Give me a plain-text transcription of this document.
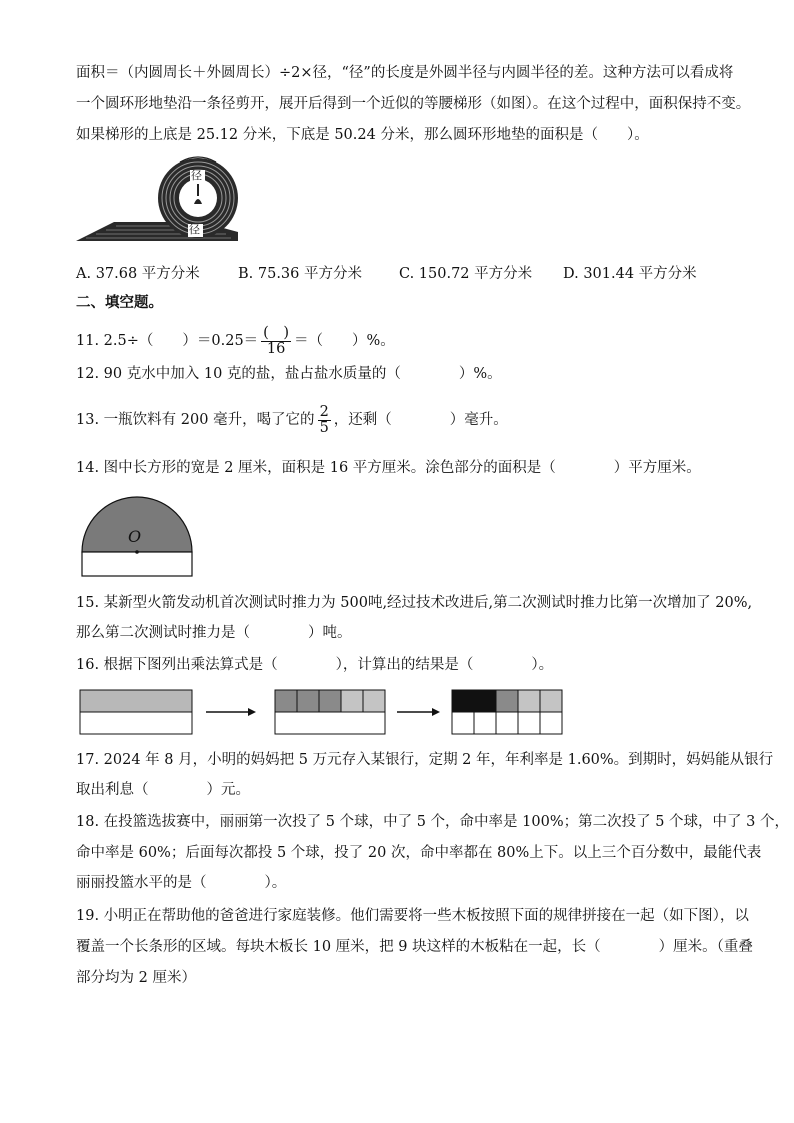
面积＝（内圆周长＋外圆周长）÷2×径，“径”的长度是外圆半径与内圆半径的差。这种方法可以看成将
一个圆环形地垫沿一条径剪开，展开后得到一个近似的等腰梯形（如图）。在这个过程中，面积保持不变。
如果梯形的上底是 25.12 分米，下底是 50.24 分米，那么圆环形地垫的面积是（　　）。
径
径
A. 37.68 平方分米	B. 75.36 平方分米	C. 150.72 平方分米 D. 301.44 平方分米
二、填空题。
11. 2.5÷（　　）$=0.25= \frac{( )}{16}$ ＝（　　）%。
12. 90 克水中加入 10 克的盐，盐占盐水质量的（　　　　）%。
13. 一瓶饮料有 200 毫升，喝了它的 $\frac{2}{5}$ ，还剩（　　　　）毫升。
14. 图中长方形的宽是 2 厘米，面积是 16 平方厘米。涂色部分的面积是（　　　　）平方厘米。
O
15. 某新型火箭发动机首次测试时推力为 500吨,经过技术改进后,第二次测试时推力比第一次增加了 20%,
那么第二次测试时推力是（　　　　）吨。
16. 根据下图列出乘法算式是（　　　　），计算出的结果是（　　　　）。
17. 2024 年 8 月，小明的妈妈把 5 万元存入某银行，定期 2 年，年利率是 1.60%。到期时，妈妈能从银行
取出利息（　　　　）元。
18. 在投篮选拔赛中，丽丽第一次投了 5 个球，中了 5 个，命中率是 100%；第二次投了 5 个球，中了 3 个，
命中率是 60%；后面每次都投 5 个球，投了 20 次，命中率都在 80%上下。以上三个百分数中，最能代表
丽丽投篮水平的是（　　　　）。
19. 小明正在帮助他的爸爸进行家庭装修。他们需要将一些木板按照下面的规律拼接在一起（如下图），以
覆盖一个长条形的区域。每块木板长 10 厘米，把 9 块这样的木板粘在一起，长（　　　　）厘米。（重叠
部分均为 2 厘米）
